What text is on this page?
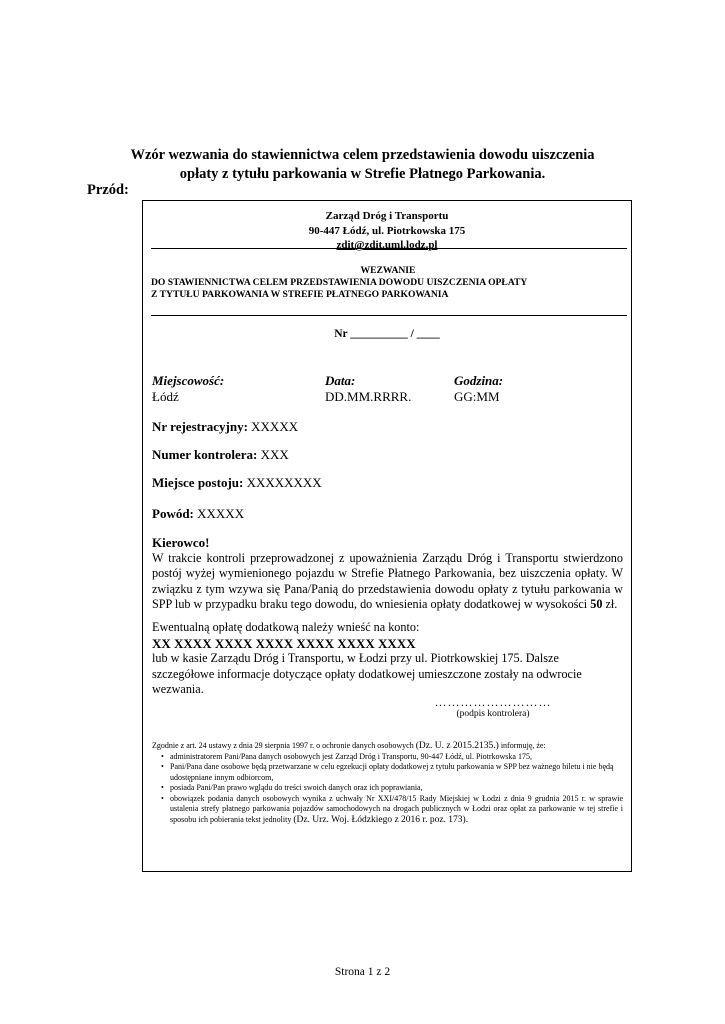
Wzór wezwania do stawiennictwa celem przedstawienia dowodu uiszczenia
opłaty z tytułu parkowania w Strefie Płatnego Parkowania.
Przód:
Zarząd Dróg i Transportu
90-447 Łódź, ul. Piotrkowska 175
zdit@zdit.uml.lodz.pl
WEZWANIE
DO STAWIENNICTWA CELEM PRZEDSTAWIENIA DOWODU UISZCZENIA OPŁATY
Z TYTUŁU PARKOWANIA W STREFIE PŁATNEGO PARKOWANIA
Nr __________ / ____
Miejscowość:
Łódź
Data:
DD.MM.RRRR.
Godzina:
GG:MM
Nr rejestracyjny: XXXXX
Numer kontrolera: XXX
Miejsce postoju: XXXXXXXX
Powód: XXXXX
Kierowco!
W trakcie kontroli przeprowadzonej z upoważnienia Zarządu Dróg i Transportu stwierdzono postój wyżej wymienionego pojazdu w Strefie Płatnego Parkowania, bez uiszczenia opłaty. W związku z tym wzywa się Pana/Panią do przedstawienia dowodu opłaty z tytułu parkowania w SPP lub w przypadku braku tego dowodu, do wniesienia opłaty dodatkowej w wysokości 50 zł.
Ewentualną opłatę dodatkową należy wnieść na konto:
XX XXXX XXXX XXXX XXXX XXXX XXXX
lub w kasie Zarządu Dróg i Transportu, w Łodzi przy ul. Piotrkowskiej 175. Dalsze szczegółowe informacje dotyczące opłaty dodatkowej umieszczone zostały na odwrocie wezwania.
………………………
(podpis kontrolera)
Zgodnie z art. 24 ustawy z dnia 29 sierpnia 1997 r. o ochronie danych osobowych (Dz. U. z 2015.2135.) informuję, że:
• administratorem Pani/Pana danych osobowych jest Zarząd Dróg i Transportu, 90-447 Łódź, ul. Piotrkowska 175,
• Pani/Pana dane osobowe będą przetwarzane w celu egzekucji opłaty dodatkowej z tytułu parkowania w SPP bez ważnego biletu i nie będą udostępniane innym odbiorcom,
• posiada Pani/Pan prawo wglądu do treści swoich danych oraz ich poprawiania,
• obowiązek podania danych osobowych wynika z uchwały Nr XXI/478/15 Rady Miejskiej w Łodzi z dnia 9 grudnia 2015 r. w sprawie ustalenia strefy płatnego parkowania pojazdów samochodowych na drogach publicznych w Łodzi oraz opłat za parkowanie w tej strefie i sposobu ich pobierania tekst jednolity (Dz. Urz. Woj. Łódzkiego z 2016 r. poz. 173).
Strona 1 z 2
